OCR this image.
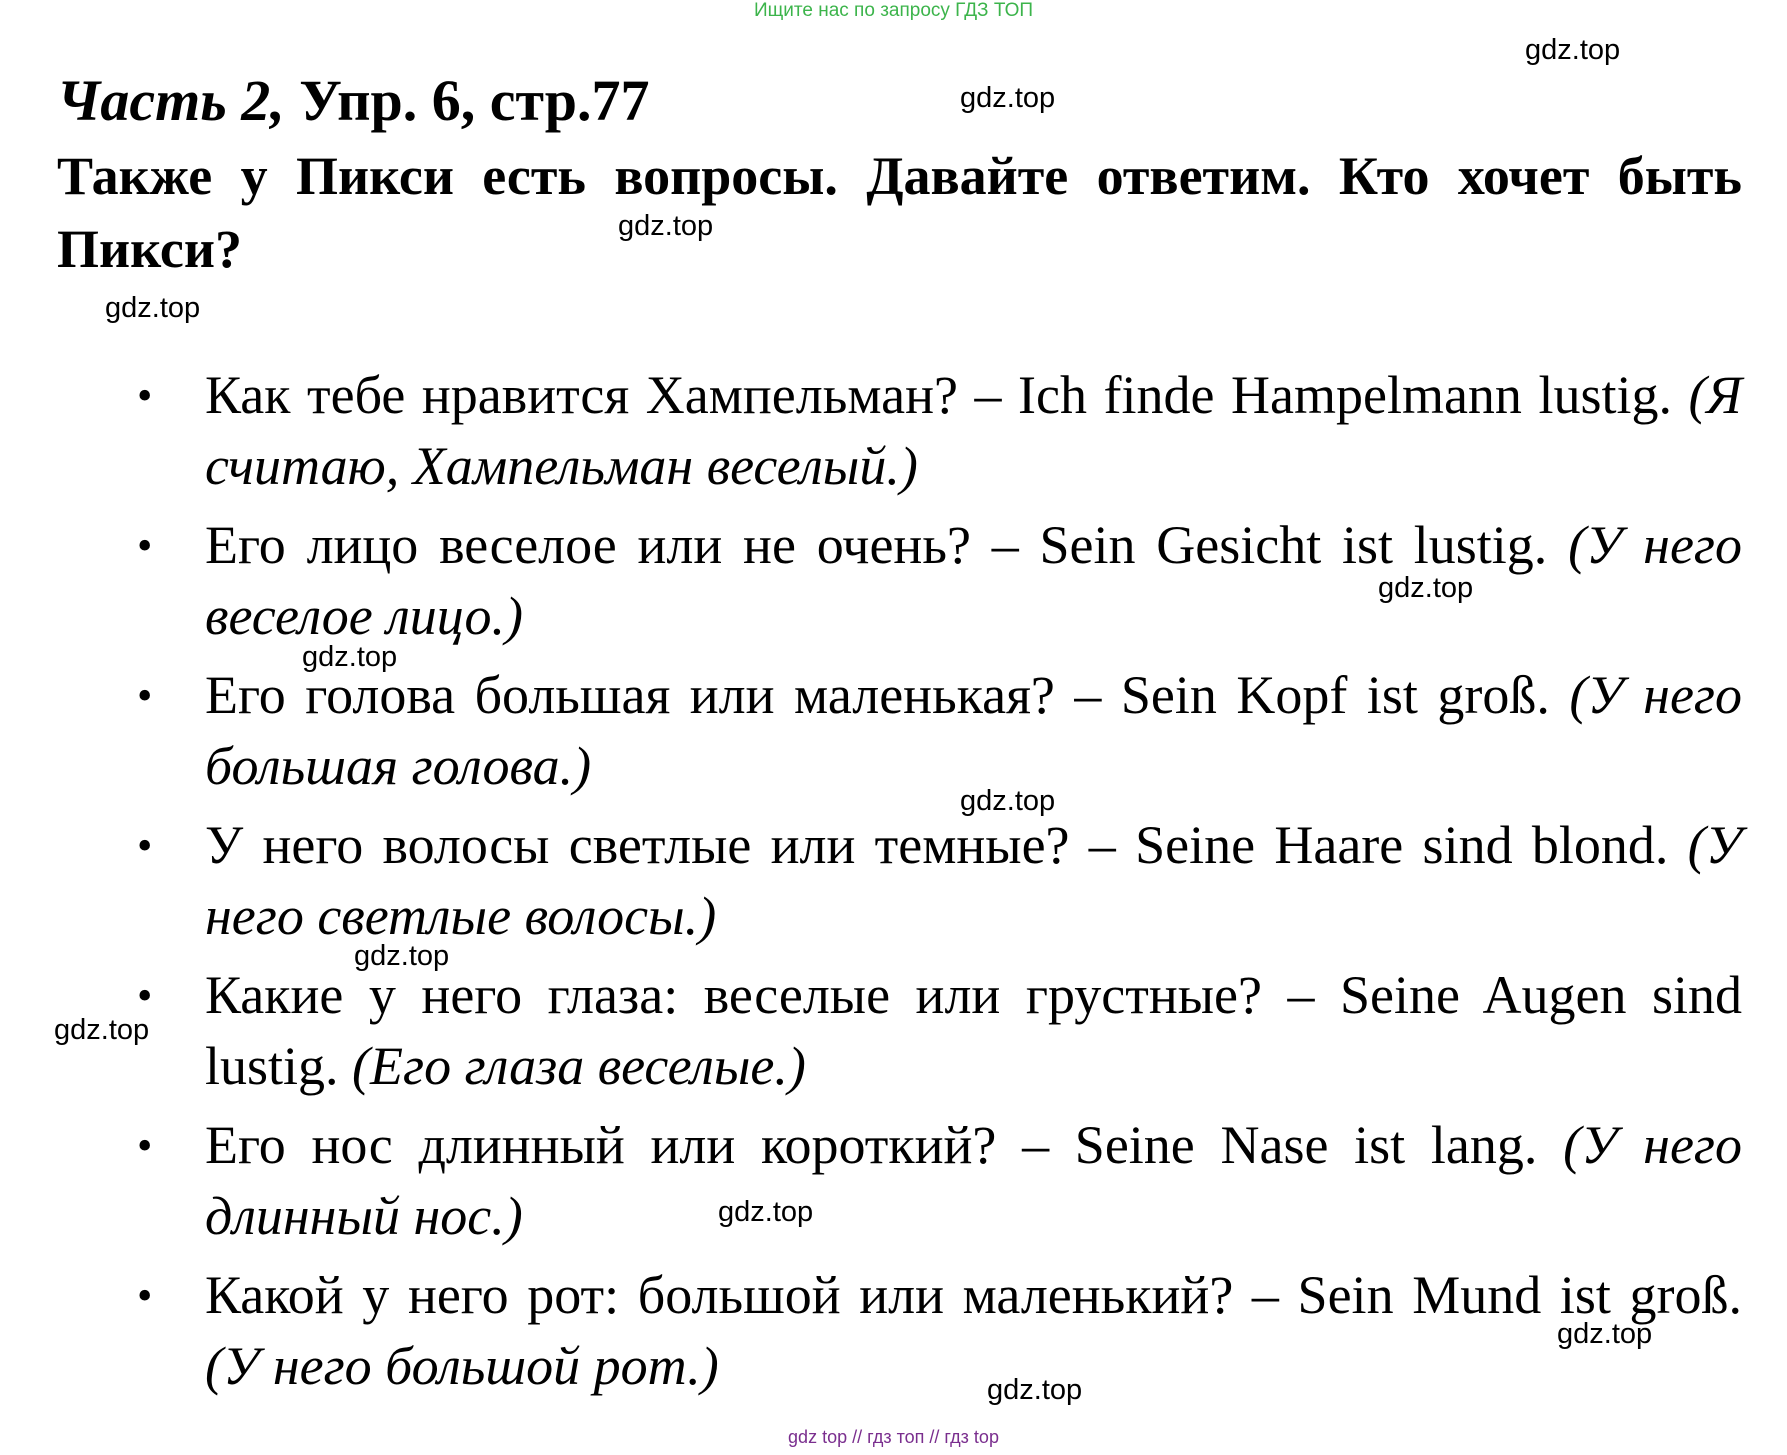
Ищите нас по запросу ГДЗ ТОП
Часть 2, Упр. 6, стр.77

Также у Пикси есть вопросы. Давайте ответим. Кто хочет быть Пикси?

• Как тебе нравится Хампельман? – Ich finde Hampelmann lustig. (Я считаю, Хампельман веселый.)
• Его лицо веселое или не очень? – Sein Gesicht ist lustig. (У него веселое лицо.)
• Его голова большая или маленькая? – Sein Kopf ist groß. (У него большая голова.)
• У него волосы светлые или темные? – Seine Haare sind blond. (У него светлые волосы.)
• Какие у него глаза: веселые или грустные? – Seine Augen sind lustig. (Его глаза веселые.)
• Его нос длинный или короткий? – Seine Nase ist lang. (У него длинный нос.)
• Какой у него рот: большой или маленький? – Sein Mund ist groß. (У него большой рот.)
gdz.top
gdz.top
gdz.top
gdz.top
gdz.top
gdz.top
gdz.top
gdz.top
gdz.top
gdz.top
gdz.top
gdz.top
gdz top // гдз топ // гдз top
